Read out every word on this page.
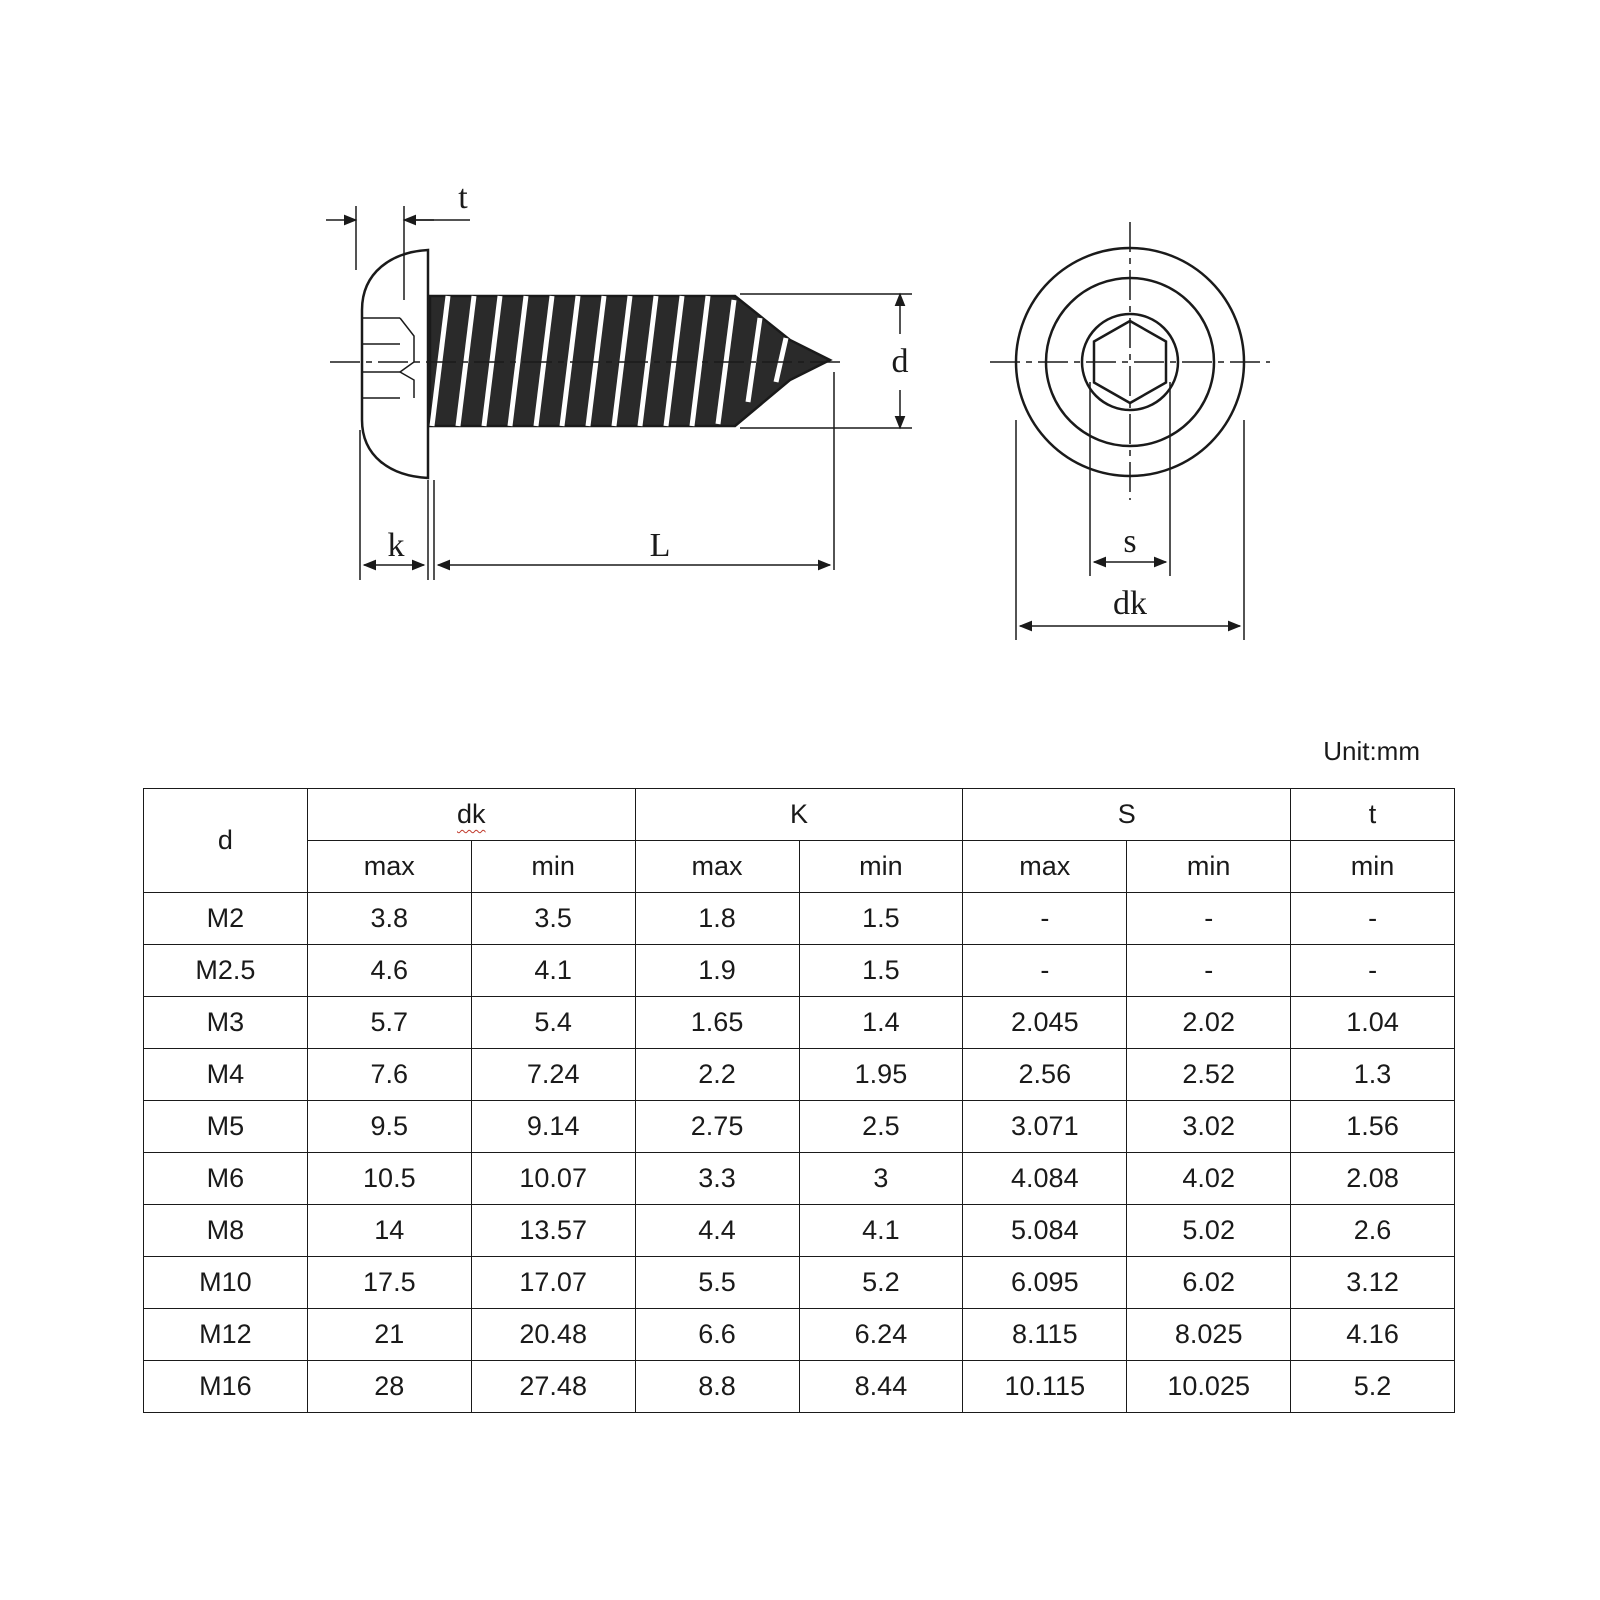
t
d
k	L	s
dk
Unit:mm
d	dk		K		S		t
	max	min	max	min	max	min	min
M2	3.8	3.5	1.8	1.5	-	-	-
M2.5	4.6	4.1	1.9	1.5	-	-	-
M3	5.7	5.4	1.65	1.4	2.045	2.02	1.04
M4	7.6	7.24	2.2	1.95	2.56	2.52	1.3
M5	9.5	9.14	2.75	2.5	3.071	3.02	1.56
M6	10.5	10.07	3.3	3	4.084	4.02	2.08
M8	14	13.57	4.4	4.1	5.084	5.02	2.6
M10	17.5	17.07	5.5	5.2	6.095	6.02	3.12
M12	21	20.48	6.6	6.24	8.115	8.025	4.16
M16	28	27.48	8.8	8.44	10.115	10.025	5.2
